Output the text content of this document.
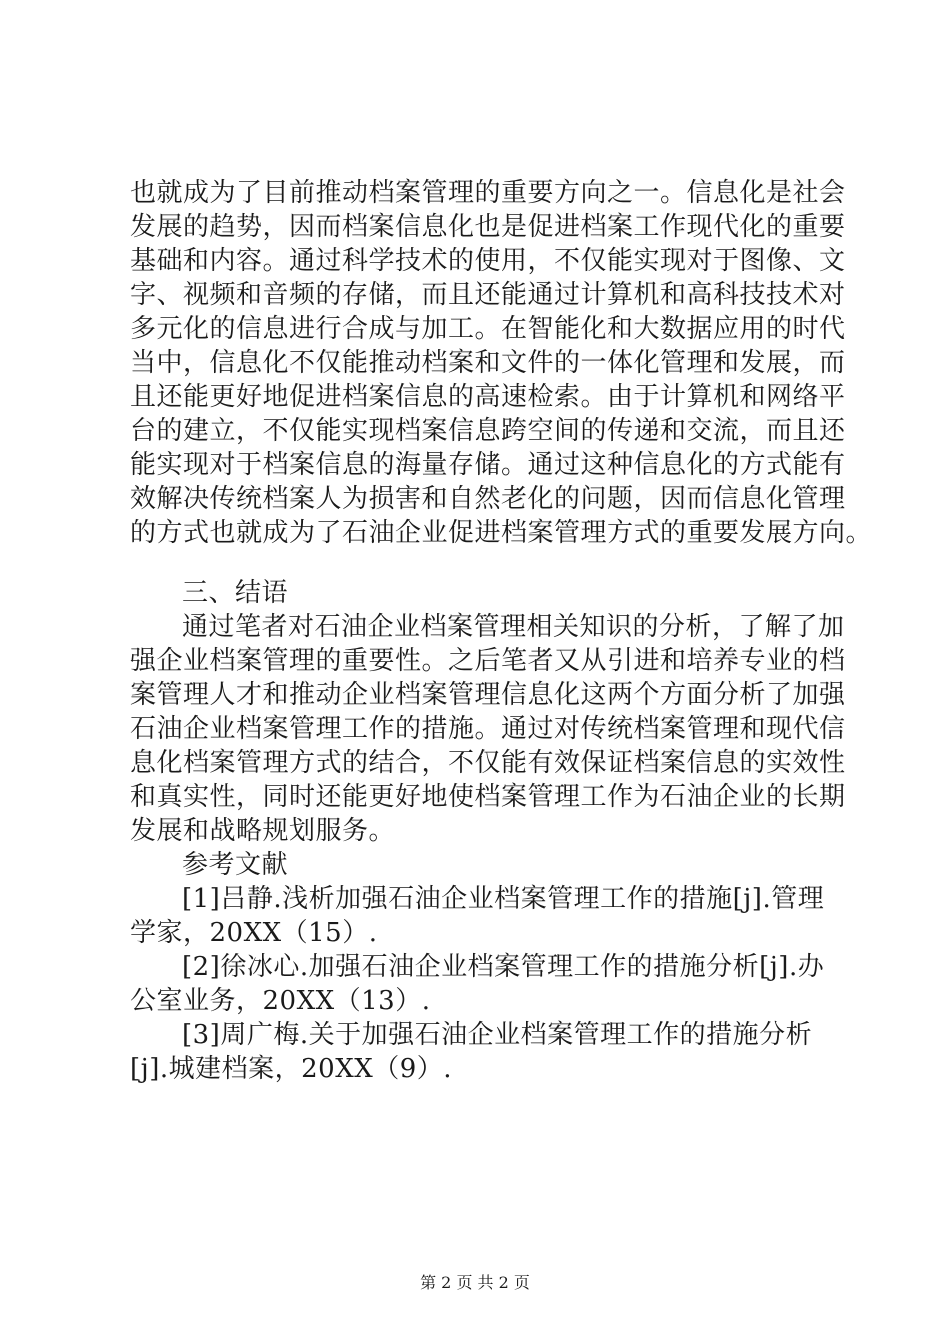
也就成为了目前推动档案管理的重要方向之一。信息化是社会
发展的趋势，因而档案信息化也是促进档案工作现代化的重要
基础和内容。通过科学技术的使用，不仅能实现对于图像、文
字、视频和音频的存储，而且还能通过计算机和高科技技术对
多元化的信息进行合成与加工。在智能化和大数据应用的时代
当中，信息化不仅能推动档案和文件的一体化管理和发展，而
且还能更好地促进档案信息的高速检索。由于计算机和网络平
台的建立，不仅能实现档案信息跨空间的传递和交流，而且还
能实现对于档案信息的海量存储。通过这种信息化的方式能有
效解决传统档案人为损害和自然老化的问题，因而信息化管理
的方式也就成为了石油企业促进档案管理方式的重要发展方向。
三、结语
通过笔者对石油企业档案管理相关知识的分析，了解了加
强企业档案管理的重要性。之后笔者又从引进和培养专业的档
案管理人才和推动企业档案管理信息化这两个方面分析了加强
石油企业档案管理工作的措施。通过对传统档案管理和现代信
息化档案管理方式的结合，不仅能有效保证档案信息的实效性
和真实性，同时还能更好地使档案管理工作为石油企业的长期
发展和战略规划服务。
参考文献
[1]吕静.浅析加强石油企业档案管理工作的措施[j].管理
学家，20XX（15）.
[2]徐冰心.加强石油企业档案管理工作的措施分析[j].办
公室业务，20XX（13）.
[3]周广梅.关于加强石油企业档案管理工作的措施分析
[j].城建档案，20XX（9）.
第 2 页 共 2 页
